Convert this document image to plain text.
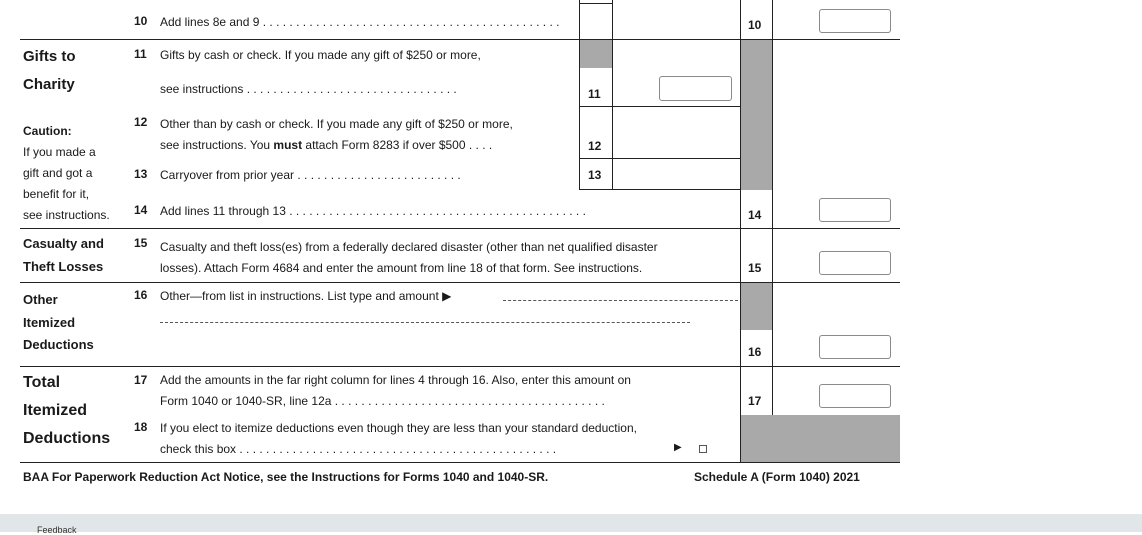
10 Add lines 8e and 9 . . . . . . . . . . . . . . . . . . . . . . . . . . . . . . . . . . . . . . . . . . . . .	10
Gifts to
Charity
Caution:
If you made a
gift and got a
benefit for it,
see instructions.
11 Gifts by cash or check. If you made any gift of $250 or more,
see instructions . . . . . . . . . . . . . . . . . . . . . . . . . . . . . . . .	11
12 Other than by cash or check. If you made any gift of $250 or more,
see instructions. You must attach Form 8283 if over $500 . . . .	12
13 Carryover from prior year . . . . . . . . . . . . . . . . . . . . . . . . .	13
14 Add lines 11 through 13 . . . . . . . . . . . . . . . . . . . . . . . . . . . . . . . . . . . . . . . . . . . . .	14
Casualty and
Theft Losses
15 Casualty and theft loss(es) from a federally declared disaster (other than net qualified disaster
losses). Attach Form 4684 and enter the amount from line 18 of that form. See instructions.	15
Other
Itemized
Deductions
16 Other—from list in instructions. List type and amount ▶
16
Total
Itemized
Deductions
17 Add the amounts in the far right column for lines 4 through 16. Also, enter this amount on
Form 1040 or 1040-SR, line 12a . . . . . . . . . . . . . . . . . . . . . . . . . . . . . . . . . . . . . . . . .	17
18 If you elect to itemize deductions even though they are less than your standard deduction,
check this box . . . . . . . . . . . . . . . . . . . . . . . . . . . . . . . . . . . . . . . . . . . . . . . .	▶
BAA For Paperwork Reduction Act Notice, see the Instructions for Forms 1040 and 1040-SR.	Schedule A (Form 1040) 2021
Feedback
